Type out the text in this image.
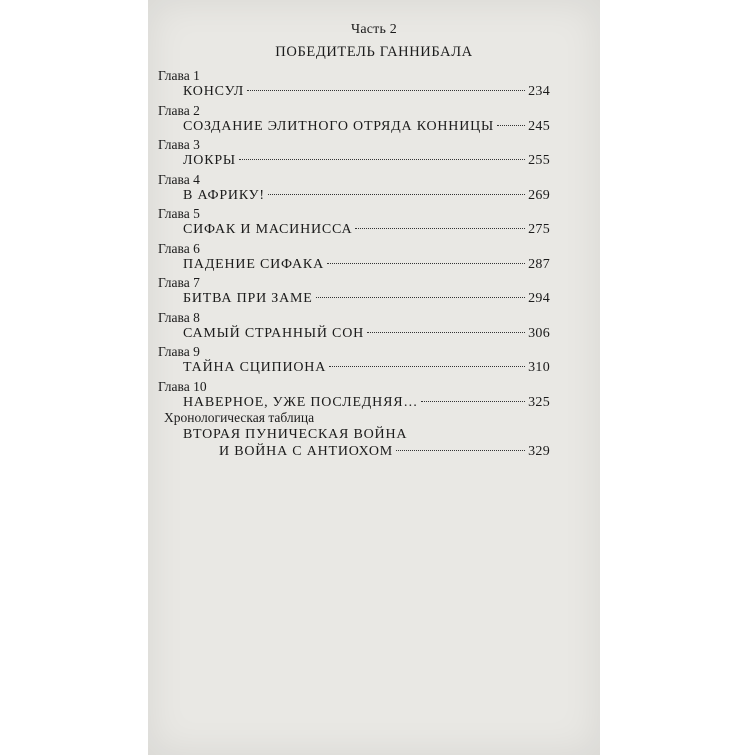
Часть 2
ПОБЕДИТЕЛЬ ГАННИБАЛА
Глава 1
КОНСУЛ	234
Глава 2
СОЗДАНИЕ ЭЛИТНОГО ОТРЯДА КОННИЦЫ 245
Глава 3
ЛОКРЫ	255
Глава 4
В АФРИКУ!	269
Глава 5
СИФАК И МАСИНИССА	275
Глава 6
ПАДЕНИЕ СИФАКА	287
Глава 7
БИТВА ПРИ ЗАМЕ	294
Глава 8
САМЫЙ СТРАННЫЙ СОН	306
Глава 9
ТАЙНА СЦИПИОНА	310
Глава 10
НАВЕРНОЕ, УЖЕ ПОСЛЕДНЯЯ…	325
Хронологическая таблица
ВТОРАЯ ПУНИЧЕСКАЯ ВОЙНА
И ВОЙНА С АНТИОХОМ	329
